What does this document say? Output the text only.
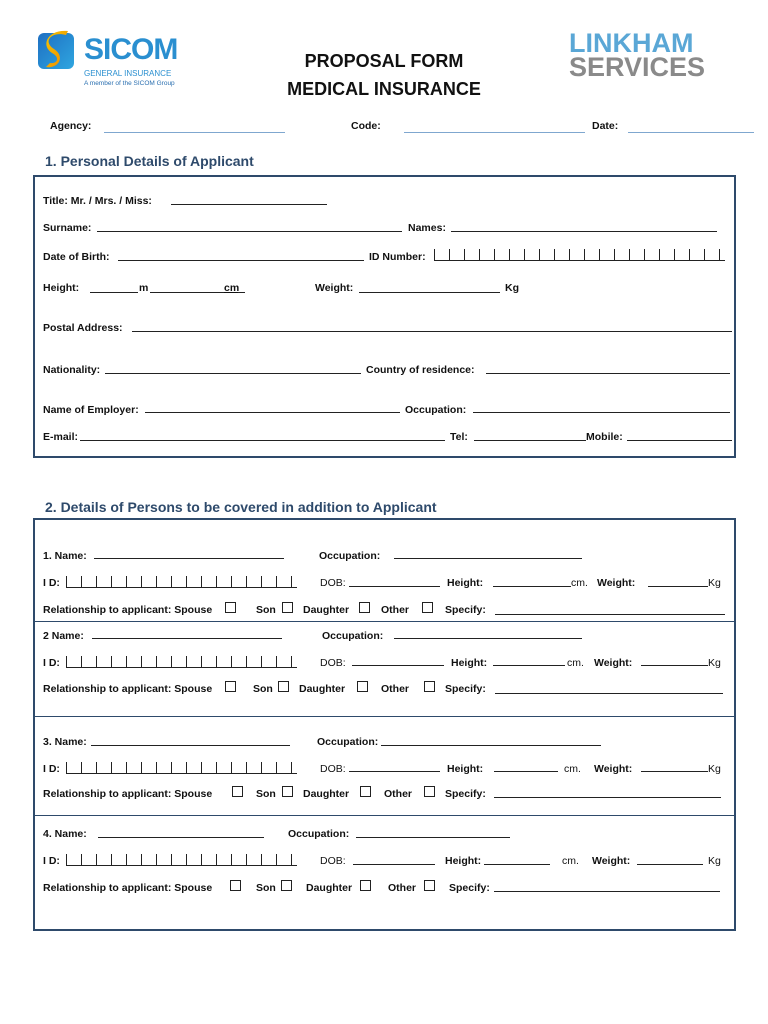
SICOM
GENERAL INSURANCE
A member of the SICOM Group
PROPOSAL FORM
MEDICAL INSURANCE
LINKHAM
SERVICES
Agency:	Code:	Date:
1. Personal Details of Applicant
Title: Mr. / Mrs. / Miss:
Surname:	Names:
Date of Birth:	ID Number:
Height:	m	cm	Weight:	Kg
Postal Address:
Nationality:	Country of residence:
Name of Employer:	Occupation:
E-mail:	Tel:	Mobile:
2. Details of Persons to be covered in addition to Applicant
1. Name:	Occupation:
I D:	DOB:	Height:	cm. Weight:	Kg
Relationship to applicant: Spouse	Son	Daughter	Other	Specify:
2 Name:	Occupation:
I D:	DOB:	Height:	cm. Weight:	Kg
Relationship to applicant: Spouse	Son Daughter	Other	Specify:
3. Name:	Occupation:
I D:	DOB:	Height:	cm. Weight:	Kg
Relationship to applicant: Spouse	Son	Daughter	Other	Specify:
4. Name:	Occupation:
I D:	DOB:	Height:	cm. Weight:	Kg
Relationship to applicant: Spouse	Son	Daughter	Other	Specify:
